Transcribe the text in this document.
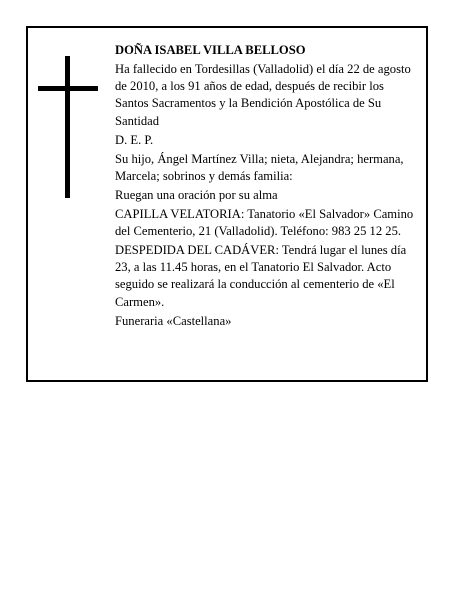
DOÑA ISABEL VILLA BELLOSO

Ha fallecido en Tordesillas (Valladolid) el día 22 de agosto de 2010, a los 91 años de edad, después de recibir los Santos Sacramentos y la Bendición Apostólica de Su Santidad

D. E. P.

Su hijo, Ángel Martínez Villa; nieta, Alejandra; hermana, Marcela; sobrinos y demás familia:

Ruegan una oración por su alma

CAPILLA VELATORIA: Tanatorio «El Salvador» Camino del Cementerio, 21 (Valladolid). Teléfono: 983 25 12 25.

DESPEDIDA DEL CADÁVER: Tendrá lugar el lunes día 23, a las 11.45 horas, en el Tanatorio El Salvador. Acto seguido se realizará la conducción al cementerio de «El Carmen».

Funeraria «Castellana»
